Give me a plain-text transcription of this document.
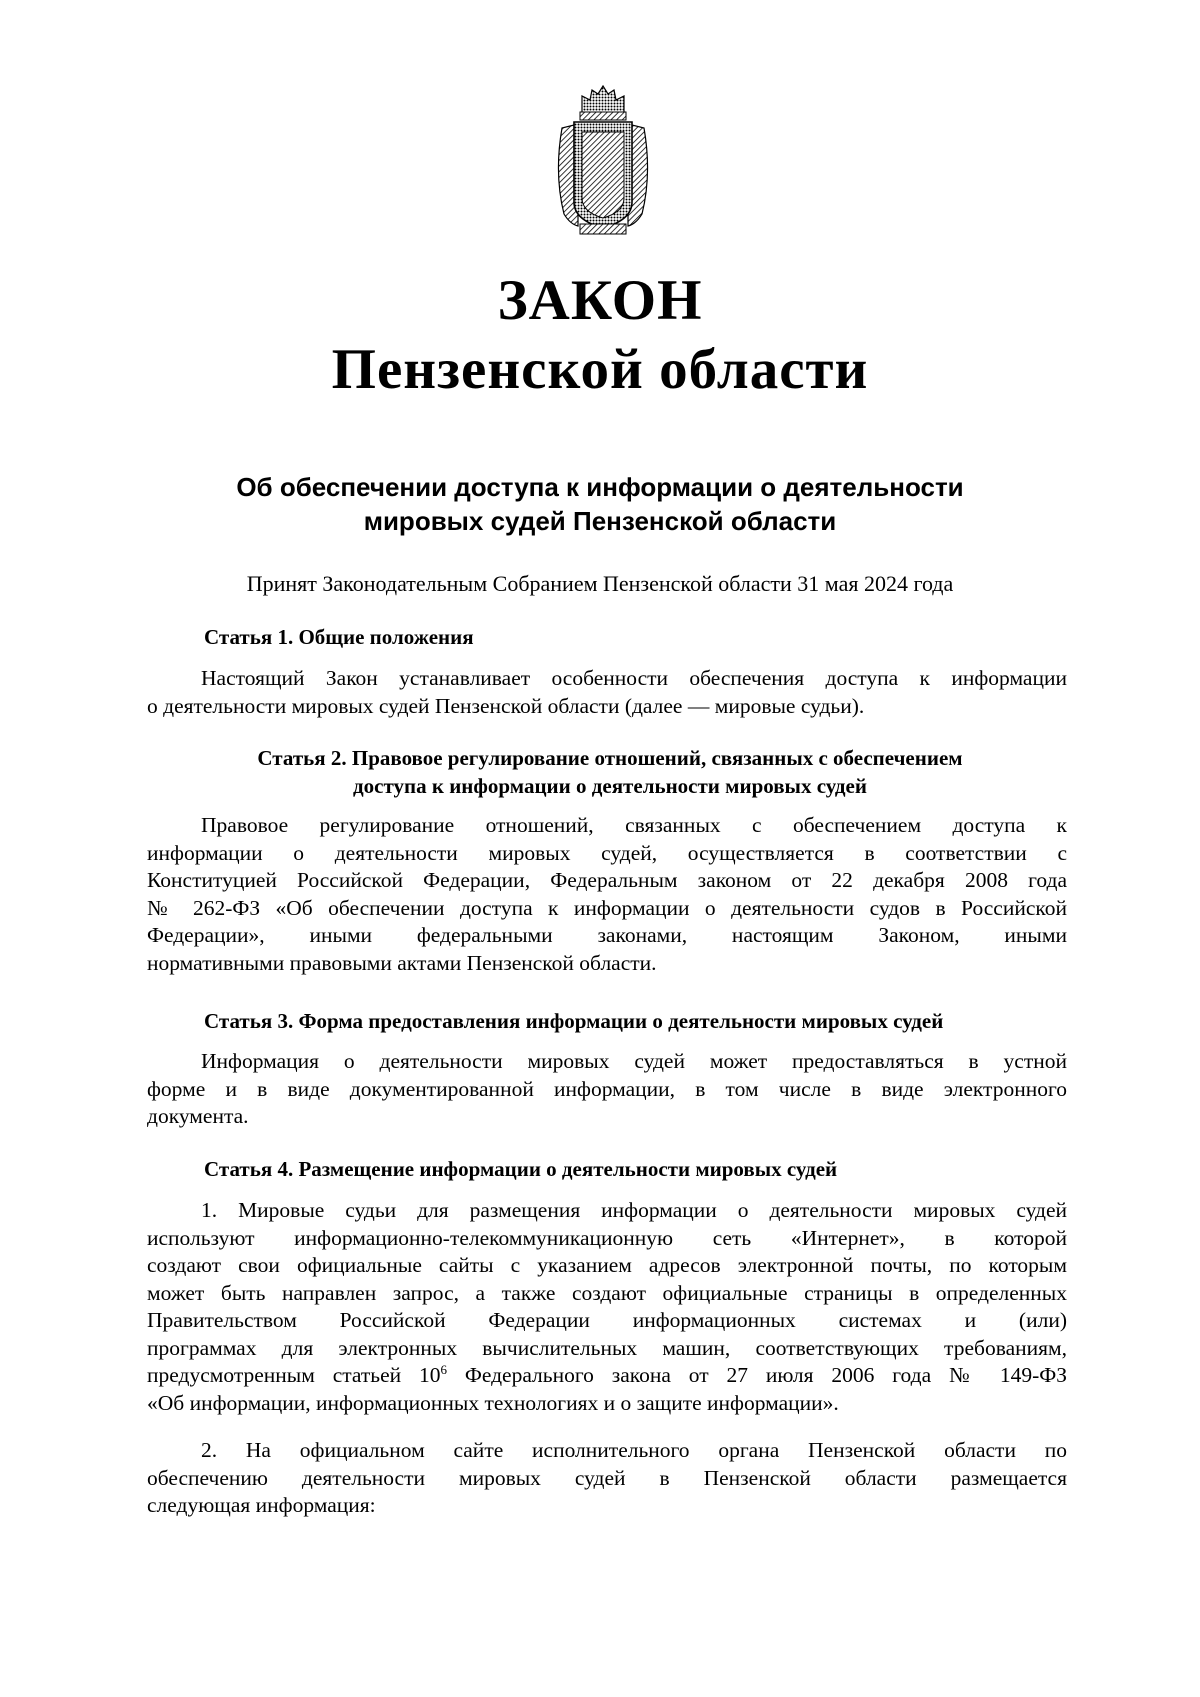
ЗАКОН
Пензенской области
Об обеспечении доступа к информации о деятельности
мировых судей Пензенской области
Принят Законодательным Собранием Пензенской области 31 мая 2024 года
Статья 1. Общие положения
Настоящий Закон устанавливает особенности обеспечения доступа к информации
о деятельности мировых судей Пензенской области (далее — мировые судьи).
Статья 2. Правовое регулирование отношений, связанных с обеспечением
доступа к информации о деятельности мировых судей
Правовое регулирование отношений, связанных с обеспечением доступа к
информации о деятельности мировых судей, осуществляется в соответствии с
Конституцией Российской Федерации, Федеральным законом от 22 декабря 2008 года
№ 262-ФЗ «Об обеспечении доступа к информации о деятельности судов в Российской
Федерации», иными федеральными законами, настоящим Законом, иными
нормативными правовыми актами Пензенской области.
Статья 3. Форма предоставления информации о деятельности мировых судей
Информация о деятельности мировых судей может предоставляться в устной
форме и в виде документированной информации, в том числе в виде электронного
документа.
Статья 4. Размещение информации о деятельности мировых судей
1. Мировые судьи для размещения информации о деятельности мировых судей
используют информационно-телекоммуникационную сеть «Интернет», в которой
создают свои официальные сайты с указанием адресов электронной почты, по которым
может быть направлен запрос, а также создают официальные страницы в определенных
Правительством Российской Федерации информационных системах и (или)
программах для электронных вычислительных машин, соответствующих требованиям,
предусмотренным статьей $10^6$ Федерального закона от 27 июля 2006 года № 149-ФЗ
«Об информации, информационных технологиях и о защите информации».
2. На официальном сайте исполнительного органа Пензенской области по
обеспечению деятельности мировых судей в Пензенской области размещается
следующая информация:
